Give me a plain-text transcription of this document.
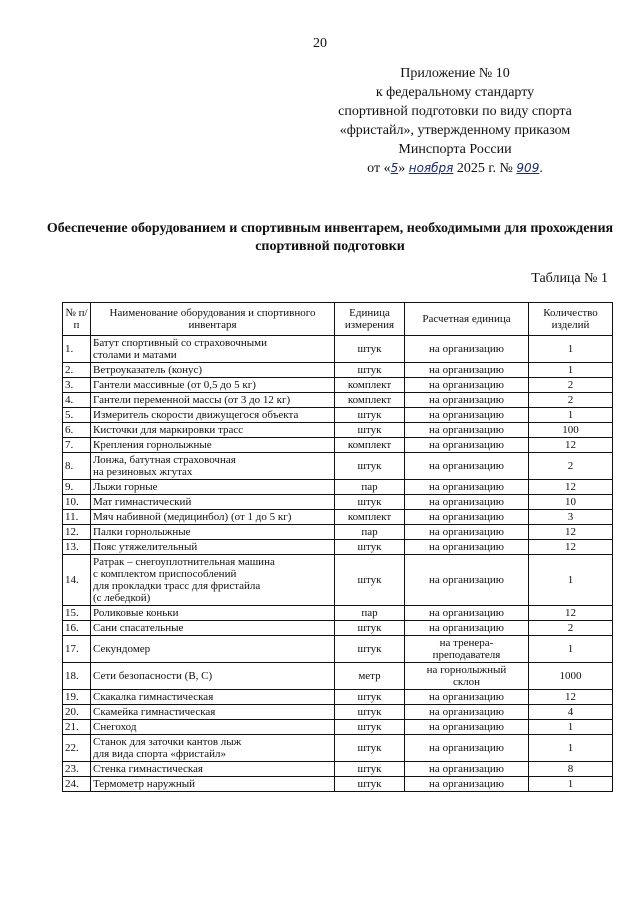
20
Приложение № 10
к федеральному стандарту
спортивной подготовки по виду спорта
«фристайл», утвержденному приказом
Минспорта России
от «5» ноября 2025 г. № 909.
Обеспечение оборудованием и спортивным инвентарем, необходимыми для прохождения спортивной подготовки
Таблица № 1
№ п/п	Наименование оборудования и спортивного инвентаря	Единица измерения	Расчетная единица	Количество изделий
1.	Батут спортивный со страховочными
столами и матами	штук	на организацию	1
2.	Ветроуказатель (конус)	штук	на организацию	1
3.	Гантели массивные (от 0,5 до 5 кг)	комплект	на организацию	2
4.	Гантели переменной массы (от 3 до 12 кг)	комплект	на организацию	2
5.	Измеритель скорости движущегося объекта	штук	на организацию	1
6.	Кисточки для маркировки трасс	штук	на организацию	100
7.	Крепления горнолыжные	комплект	на организацию	12
8.	Лонжа, батутная страховочная
на резиновых жгутах	штук	на организацию	2
9.	Лыжи горные	пар	на организацию	12
10.	Мат гимнастический	штук	на организацию	10
11.	Мяч набивной (медицинбол) (от 1 до 5 кг)	комплект	на организацию	3
12.	Палки горнолыжные	пар	на организацию	12
13.	Пояс утяжелительный	штук	на организацию	12
14.	Ратрак – снегоуплотнительная машина
с комплектом приспособлений
для прокладки трасс для фристайла
(с лебедкой)	штук	на организацию	1
15.	Роликовые коньки	пар	на организацию	12
16.	Сани спасательные	штук	на организацию	2
17.	Секундомер	штук	на тренера-
преподавателя	1
18.	Сети безопасности (В, С)	метр	на горнолыжный
склон	1000
19.	Скакалка гимнастическая	штук	на организацию	12
20.	Скамейка гимнастическая	штук	на организацию	4
21.	Снегоход	штук	на организацию	1
22.	Станок для заточки кантов лыж
для вида спорта «фристайл»	штук	на организацию	1
23.	Стенка гимнастическая	штук	на организацию	8
24.	Термометр наружный	штук	на организацию	1
